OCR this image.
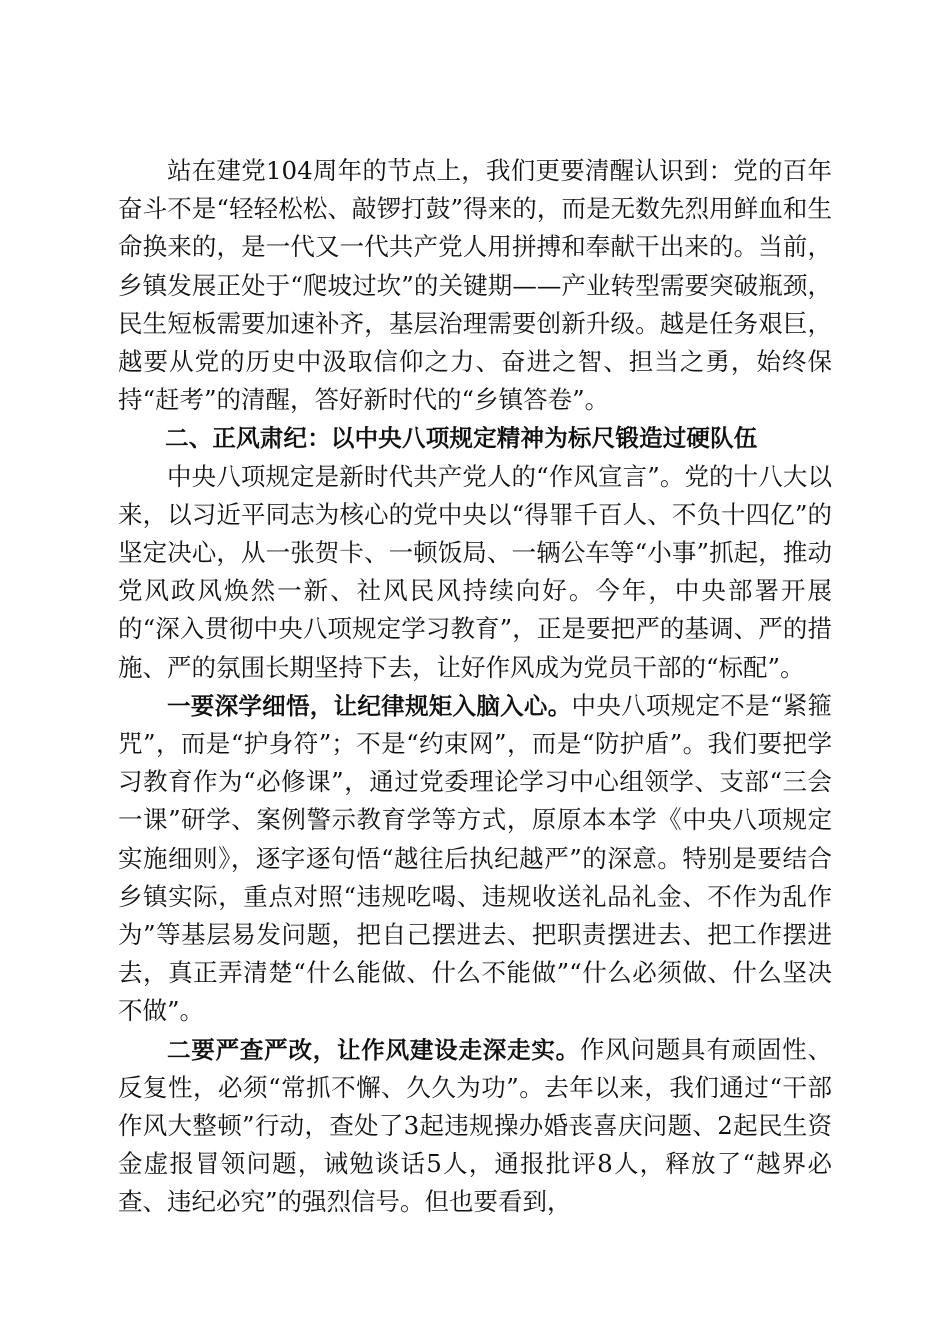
站在建党104周年的节点上，我们更要清醒认识到：党的百年奋斗不是“轻轻松松、敲锣打鼓”得来的，而是无数先烈用鲜血和生命换来的，是一代又一代共产党人用拼搏和奉献干出来的。当前，乡镇发展正处于“爬坡过坎”的关键期——产业转型需要突破瓶颈，民生短板需要加速补齐，基层治理需要创新升级。越是任务艰巨，越要从党的历史中汲取信仰之力、奋进之智、担当之勇，始终保持“赶考”的清醒，答好新时代的“乡镇答卷”。

二、正风肃纪：以中央八项规定精神为标尺锻造过硬队伍

中央八项规定是新时代共产党人的“作风宣言”。党的十八大以来，以习近平同志为核心的党中央以“得罪千百人、不负十四亿”的坚定决心，从一张贺卡、一顿饭局、一辆公车等“小事”抓起，推动党风政风焕然一新、社风民风持续向好。今年，中央部署开展的“深入贯彻中央八项规定学习教育”，正是要把严的基调、严的措施、严的氛围长期坚持下去，让好作风成为党员干部的“标配”。

一要深学细悟，让纪律规矩入脑入心。中央八项规定不是“紧箍咒”，而是“护身符”；不是“约束网”，而是“防护盾”。我们要把学习教育作为“必修课”，通过党委理论学习中心组领学、支部“三会一课”研学、案例警示教育学等方式，原原本本学《中央八项规定实施细则》，逐字逐句悟“越往后执纪越严”的深意。特别是要结合乡镇实际，重点对照“违规吃喝、违规收送礼品礼金、不作为乱作为”等基层易发问题，把自己摆进去、把职责摆进去、把工作摆进去，真正弄清楚“什么能做、什么不能做”“什么必须做、什么坚决不做”。

二要严查严改，让作风建设走深走实。作风问题具有顽固性、反复性，必须“常抓不懈、久久为功”。去年以来，我们通过“干部作风大整顿”行动，查处了3起违规操办婚丧喜庆问题、2起民生资金虚报冒领问题，诫勉谈话5人，通报批评8人，释放了“越界必查、违纪必究”的强烈信号。但也要看到，
